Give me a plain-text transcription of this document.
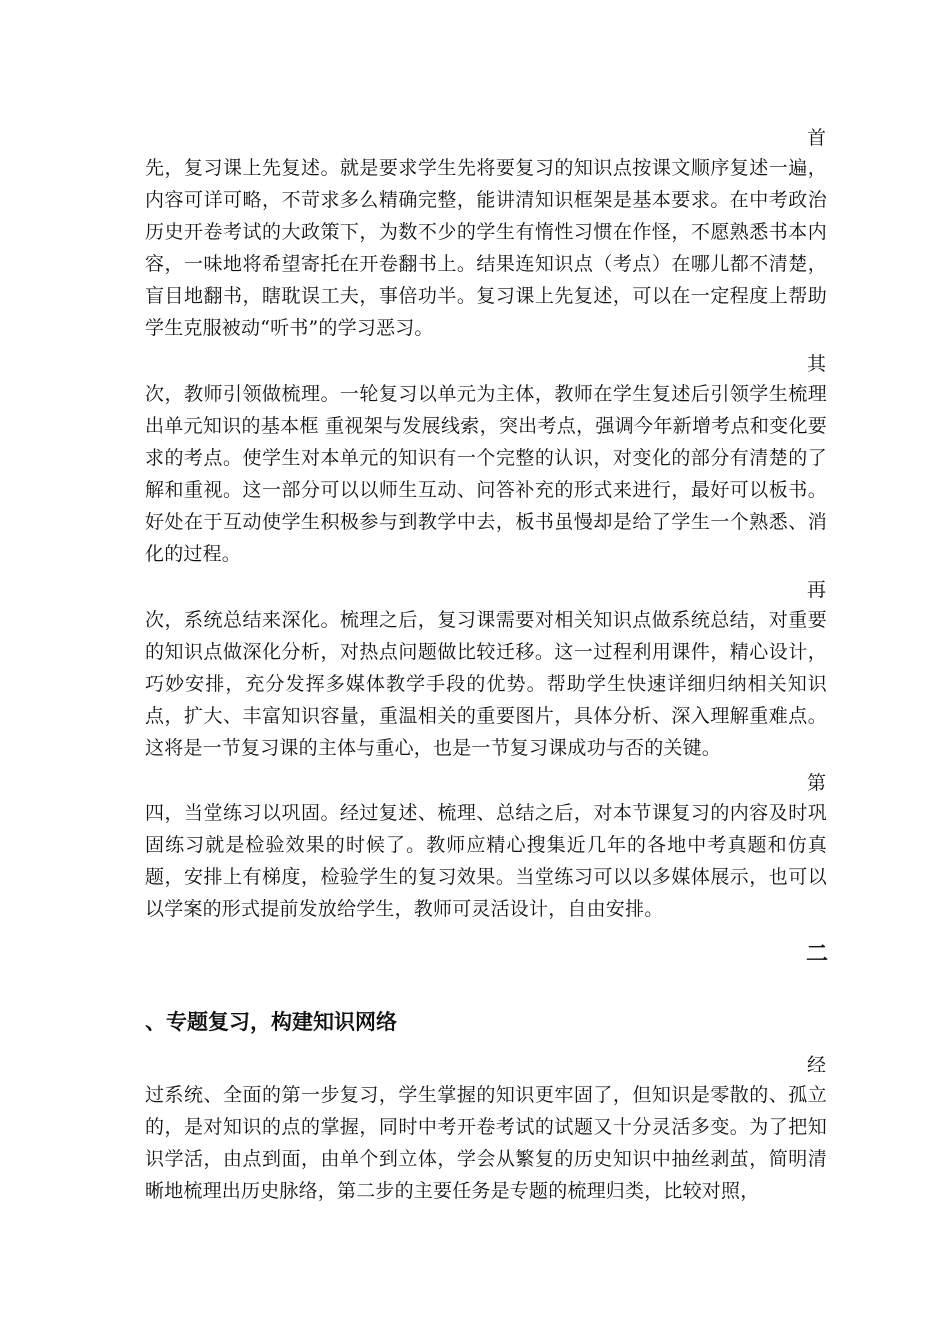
首
先，复习课上先复述。就是要求学生先将要复习的知识点按课文顺序复述一遍，内容可详可略，不苛求多么精确完整，能讲清知识框架是基本要求。在中考政治历史开卷考试的大政策下，为数不少的学生有惰性习惯在作怪，不愿熟悉书本内容，一味地将希望寄托在开卷翻书上。结果连知识点（考点）在哪儿都不清楚，盲目地翻书，瞎耽误工夫，事倍功半。复习课上先复述，可以在一定程度上帮助学生克服被动“听书”的学习恶习。
其
次，教师引领做梳理。一轮复习以单元为主体，教师在学生复述后引领学生梳理出单元知识的基本框 重视架与发展线索，突出考点，强调今年新增考点和变化要求的考点。使学生对本单元的知识有一个完整的认识，对变化的部分有清楚的了解和重视。这一部分可以以师生互动、问答补充的形式来进行，最好可以板书。好处在于互动使学生积极参与到教学中去，板书虽慢却是给了学生一个熟悉、消化的过程。
再
次，系统总结来深化。梳理之后，复习课需要对相关知识点做系统总结，对重要的知识点做深化分析，对热点问题做比较迁移。这一过程利用课件，精心设计，巧妙安排，充分发挥多媒体教学手段的优势。帮助学生快速详细归纳相关知识点，扩大、丰富知识容量，重温相关的重要图片，具体分析、深入理解重难点。这将是一节复习课的主体与重心，也是一节复习课成功与否的关键。
第
四，当堂练习以巩固。经过复述、梳理、总结之后，对本节课复习的内容及时巩固练习就是检验效果的时候了。教师应精心搜集近几年的各地中考真题和仿真题，安排上有梯度，检验学生的复习效果。当堂练习可以以多媒体展示，也可以以学案的形式提前发放给学生，教师可灵活设计，自由安排。
二
、专题复习，构建知识网络
经
过系统、全面的第一步复习，学生掌握的知识更牢固了，但知识是零散的、孤立的，是对知识的点的掌握，同时中考开卷考试的试题又十分灵活多变。为了把知识学活，由点到面，由单个到立体，学会从繁复的历史知识中抽丝剥茧，简明清晰地梳理出历史脉络，第二步的主要任务是专题的梳理归类，比较对照，
